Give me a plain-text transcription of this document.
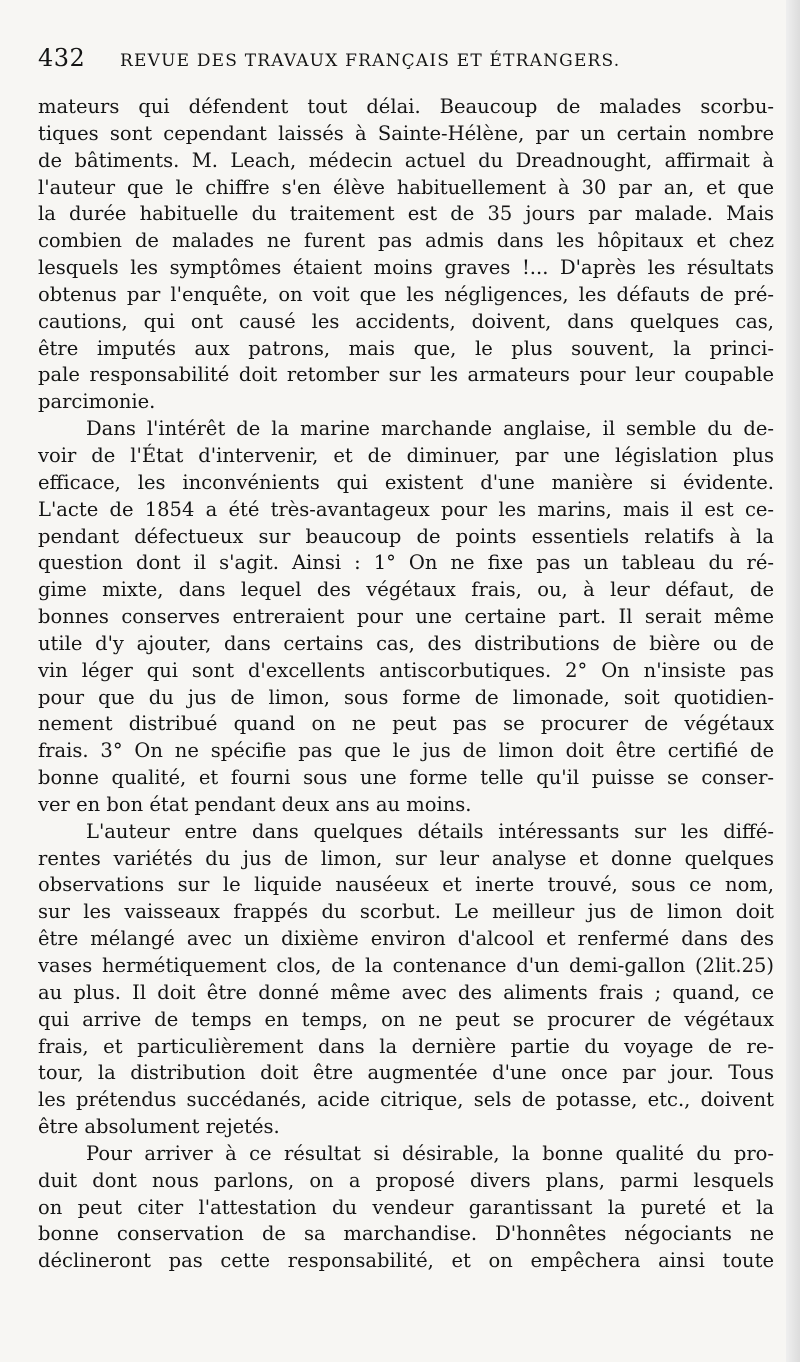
432	REVUE DES TRAVAUX FRANÇAIS ET ÉTRANGERS.
mateurs qui défendent tout délai. Beaucoup de malades scorbu-
tiques sont cependant laissés à Sainte-Hélène, par un certain nombre
de bâtiments. M. Leach, médecin actuel du Dreadnought, affirmait à
l'auteur que le chiffre s'en élève habituellement à 30 par an, et que
la durée habituelle du traitement est de 35 jours par malade. Mais
combien de malades ne furent pas admis dans les hôpitaux et chez
lesquels les symptômes étaient moins graves !... D'après les résultats
obtenus par l'enquête, on voit que les négligences, les défauts de pré-
cautions, qui ont causé les accidents, doivent, dans quelques cas,
être imputés aux patrons, mais que, le plus souvent, la princi-
pale responsabilité doit retomber sur les armateurs pour leur coupable
parcimonie.
Dans l'intérêt de la marine marchande anglaise, il semble du de-
voir de l'État d'intervenir, et de diminuer, par une législation plus
efficace, les inconvénients qui existent d'une manière si évidente.
L'acte de 1854 a été très-avantageux pour les marins, mais il est ce-
pendant défectueux sur beaucoup de points essentiels relatifs à la
question dont il s'agit. Ainsi : 1° On ne fixe pas un tableau du ré-
gime mixte, dans lequel des végétaux frais, ou, à leur défaut, de
bonnes conserves entreraient pour une certaine part. Il serait même
utile d'y ajouter, dans certains cas, des distributions de bière ou de
vin léger qui sont d'excellents antiscorbutiques. 2° On n'insiste pas
pour que du jus de limon, sous forme de limonade, soit quotidien-
nement distribué quand on ne peut pas se procurer de végétaux
frais. 3° On ne spécifie pas que le jus de limon doit être certifié de
bonne qualité, et fourni sous une forme telle qu'il puisse se conser-
ver en bon état pendant deux ans au moins.
L'auteur entre dans quelques détails intéressants sur les diffé-
rentes variétés du jus de limon, sur leur analyse et donne quelques
observations sur le liquide nauséeux et inerte trouvé, sous ce nom,
sur les vaisseaux frappés du scorbut. Le meilleur jus de limon doit
être mélangé avec un dixième environ d'alcool et renfermé dans des
vases hermétiquement clos, de la contenance d'un demi-gallon (2lit.25)
au plus. Il doit être donné même avec des aliments frais ; quand, ce
qui arrive de temps en temps, on ne peut se procurer de végétaux
frais, et particulièrement dans la dernière partie du voyage de re-
tour, la distribution doit être augmentée d'une once par jour. Tous
les prétendus succédanés, acide citrique, sels de potasse, etc., doivent
être absolument rejetés.
Pour arriver à ce résultat si désirable, la bonne qualité du pro-
duit dont nous parlons, on a proposé divers plans, parmi lesquels
on peut citer l'attestation du vendeur garantissant la pureté et la
bonne conservation de sa marchandise. D'honnêtes négociants ne
déclineront pas cette responsabilité, et on empêchera ainsi toute
